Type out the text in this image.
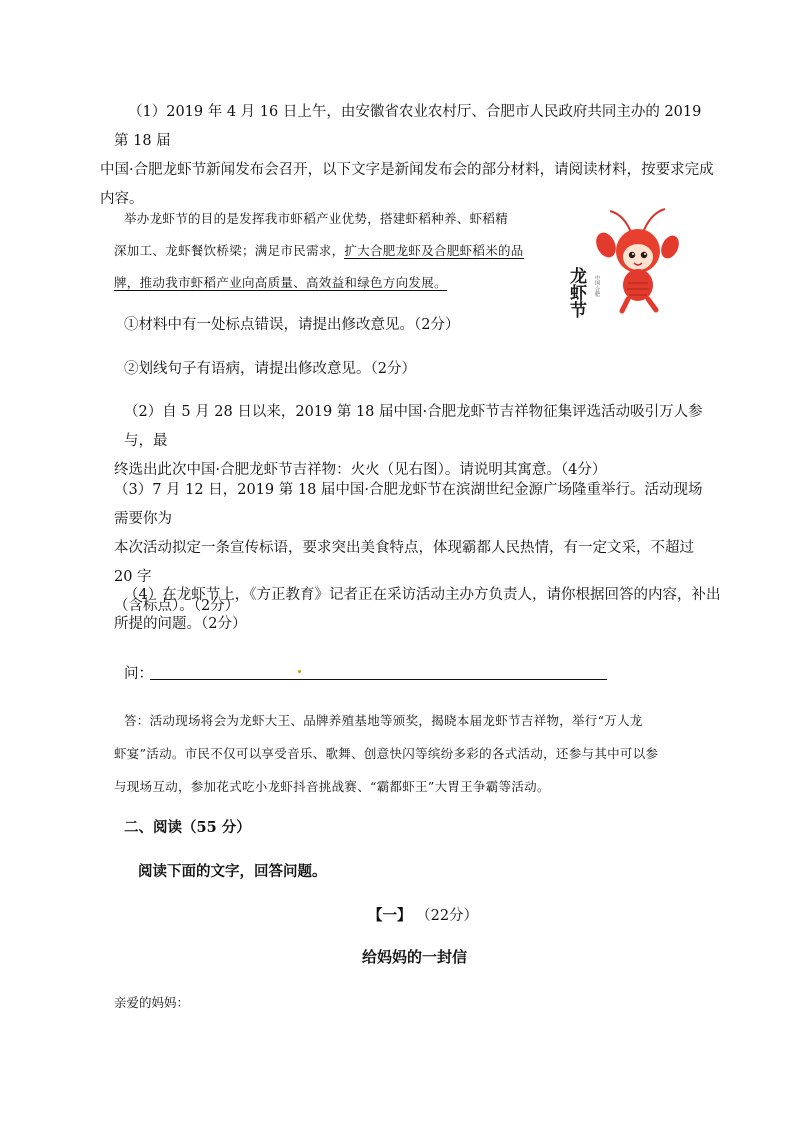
（1）2019 年 4 月 16 日上午，由安徽省农业农村厅、合肥市人民政府共同主办的 2019 第 18 届
中国·合肥龙虾节新闻发布会召开，以下文字是新闻发布会的部分材料，请阅读材料，按要求完成
内容。
举办龙虾节的目的是发挥我市虾稻产业优势，搭建虾稻种养、虾稻精
深加工、龙虾餐饮桥梁；满足市民需求，扩大合肥龙虾及合肥虾稻米的品
牌，推动我市虾稻产业向高质量、高效益和绿色方向发展。	龙虾节 中国·合肥
①材料中有一处标点错误，请提出修改意见。（2分）
②划线句子有语病，请提出修改意见。（2分）
（2）自 5 月 28 日以来，2019 第 18 届中国·合肥龙虾节吉祥物征集评选活动吸引万人参与，最
终选出此次中国·合肥龙虾节吉祥物：火火（见右图）。请说明其寓意。（4分）
（3）7 月 12 日，2019 第 18 届中国·合肥龙虾节在滨湖世纪金源广场隆重举行。活动现场需要你为
本次活动拟定一条宣传标语，要求突出美食特点，体现霸都人民热情，有一定文采，不超过 20 字
（含标点）。（2分）
（4）在龙虾节上，《方正教育》记者正在采访活动主办方负责人，请你根据回答的内容，补出
所提的问题。（2分）
问：
答：活动现场将会为龙虾大王、品牌养殖基地等颁奖，揭晓本届龙虾节吉祥物，举行“万人龙
虾宴”活动。市民不仅可以享受音乐、歌舞、创意快闪等缤纷多彩的各式活动，还参与其中可以参
与现场互动，参加花式吃小龙虾抖音挑战赛、“霸都虾王”大胃王争霸等活动。
二、阅读（55 分）
阅读下面的文字，回答问题。
【一】 （22分）
给妈妈的一封信
亲爱的妈妈：
